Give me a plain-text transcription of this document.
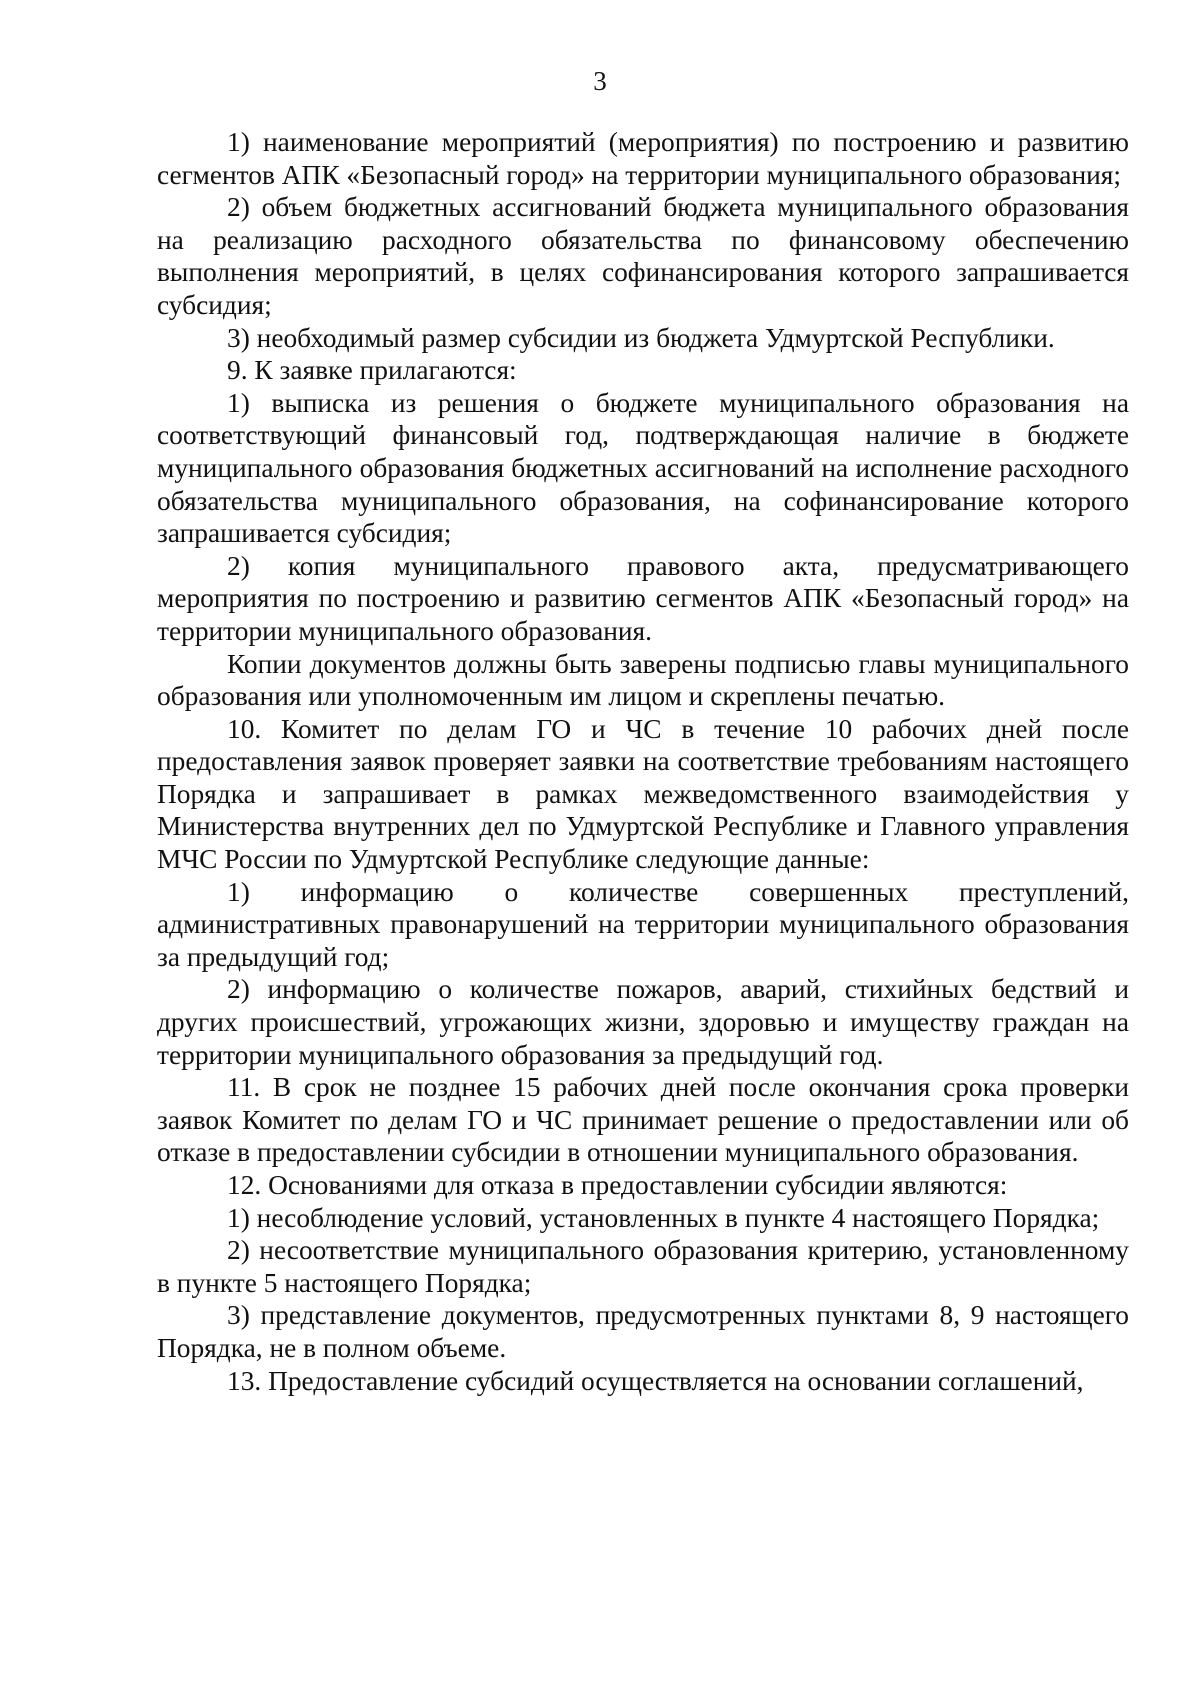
3

1) наименование мероприятий (мероприятия) по построению и развитию сегментов АПК «Безопасный город» на территории муниципального образования;

2) объем бюджетных ассигнований бюджета муниципального образования на реализацию расходного обязательства по финансовому обеспечению выполнения мероприятий, в целях софинансирования которого запрашивается субсидия;

3) необходимый размер субсидии из бюджета Удмуртской Республики.

9. К заявке прилагаются:

1) выписка из решения о бюджете муниципального образования на соответствующий финансовый год, подтверждающая наличие в бюджете муниципального образования бюджетных ассигнований на исполнение расходного обязательства муниципального образования, на софинансирование которого запрашивается субсидия;

2) копия муниципального правового акта, предусматривающего мероприятия по построению и развитию сегментов АПК «Безопасный город» на территории муниципального образования.

Копии документов должны быть заверены подписью главы муниципального образования или уполномоченным им лицом и скреплены печатью.

10. Комитет по делам ГО и ЧС в течение 10 рабочих дней после предоставления заявок проверяет заявки на соответствие требованиям настоящего Порядка и запрашивает в рамках межведомственного взаимодействия у Министерства внутренних дел по Удмуртской Республике и Главного управления МЧС России по Удмуртской Республике следующие данные:

1) информацию о количестве совершенных преступлений, административных правонарушений на территории муниципального образования за предыдущий год;

2) информацию о количестве пожаров, аварий, стихийных бедствий и других происшествий, угрожающих жизни, здоровью и имуществу граждан на территории муниципального образования за предыдущий год.

11. В срок не позднее 15 рабочих дней после окончания срока проверки заявок Комитет по делам ГО и ЧС принимает решение о предоставлении или об отказе в предоставлении субсидии в отношении муниципального образования.

12. Основаниями для отказа в предоставлении субсидии являются:

1) несоблюдение условий, установленных в пункте 4 настоящего Порядка;

2) несоответствие муниципального образования критерию, установленному в пункте 5 настоящего Порядка;

3) представление документов, предусмотренных пунктами 8, 9 настоящего Порядка, не в полном объеме.

13. Предоставление субсидий осуществляется на основании соглашений,
